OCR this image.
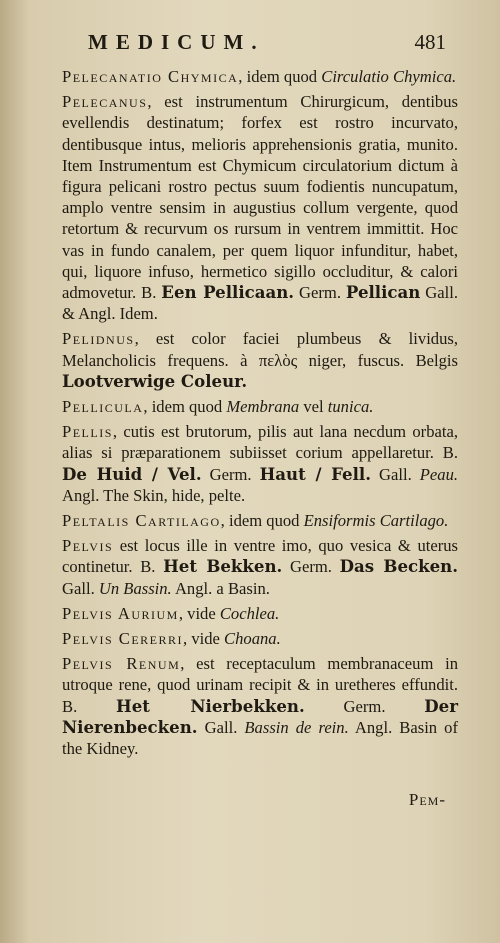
MEDICUM.	481

Pelecanatio Chymica, idem quod Circulatio Chymica.

Pelecanus, est instrumentum Chirurgicum, dentibus evellendis destinatum; forfex est rostro incurvato, dentibusque intus, melioris apprehensionis gratia, munito. Item Instrumentum est Chymicum circulatorium dictum à figura pelicani rostro pectus suum fodientis nuncupatum, amplo ventre sensim in augustius collum vergente, quod retortum & recurvum os rursum in ventrem immittit. Hoc vas in fundo canalem, per quem liquor infunditur, habet, qui, liquore infuso, hermetico sigillo occluditur, & calori admovetur. B. Een Pellicaan. Germ. Pellican Gall. & Angl. Idem.

Pelidnus, est color faciei plumbeus & lividus, Melancholicis frequens. à πελὸς niger, fuscus. Belgis Lootverwige Coleur.

Pellicula, idem quod Membrana vel tunica.

Pellis, cutis est brutorum, pilis aut lana necdum orbata, alias si præparationem subiisset corium appellaretur. B. De Huid / Vel. Germ. Haut / Fell. Gall. Peau. Angl. The Skin, hide, pelte.

Peltalis Cartilago, idem quod Ensiformis Cartilago.

Pelvis est locus ille in ventre imo, quo vesica & uterus continetur. B. Het Bekken. Germ. Das Becken. Gall. Un Bassin. Angl. a Basin.

Pelvis Aurium, vide Cochlea.

Pelvis Cererri, vide Choana.

Pelvis Renum, est receptaculum membranaceum in utroque rene, quod urinam recipit & in uretheres effundit. B. Het Nierbekken. Germ. Der Nierenbecken. Gall. Bassin de rein. Angl. Basin of the Kidney.

Pem-
